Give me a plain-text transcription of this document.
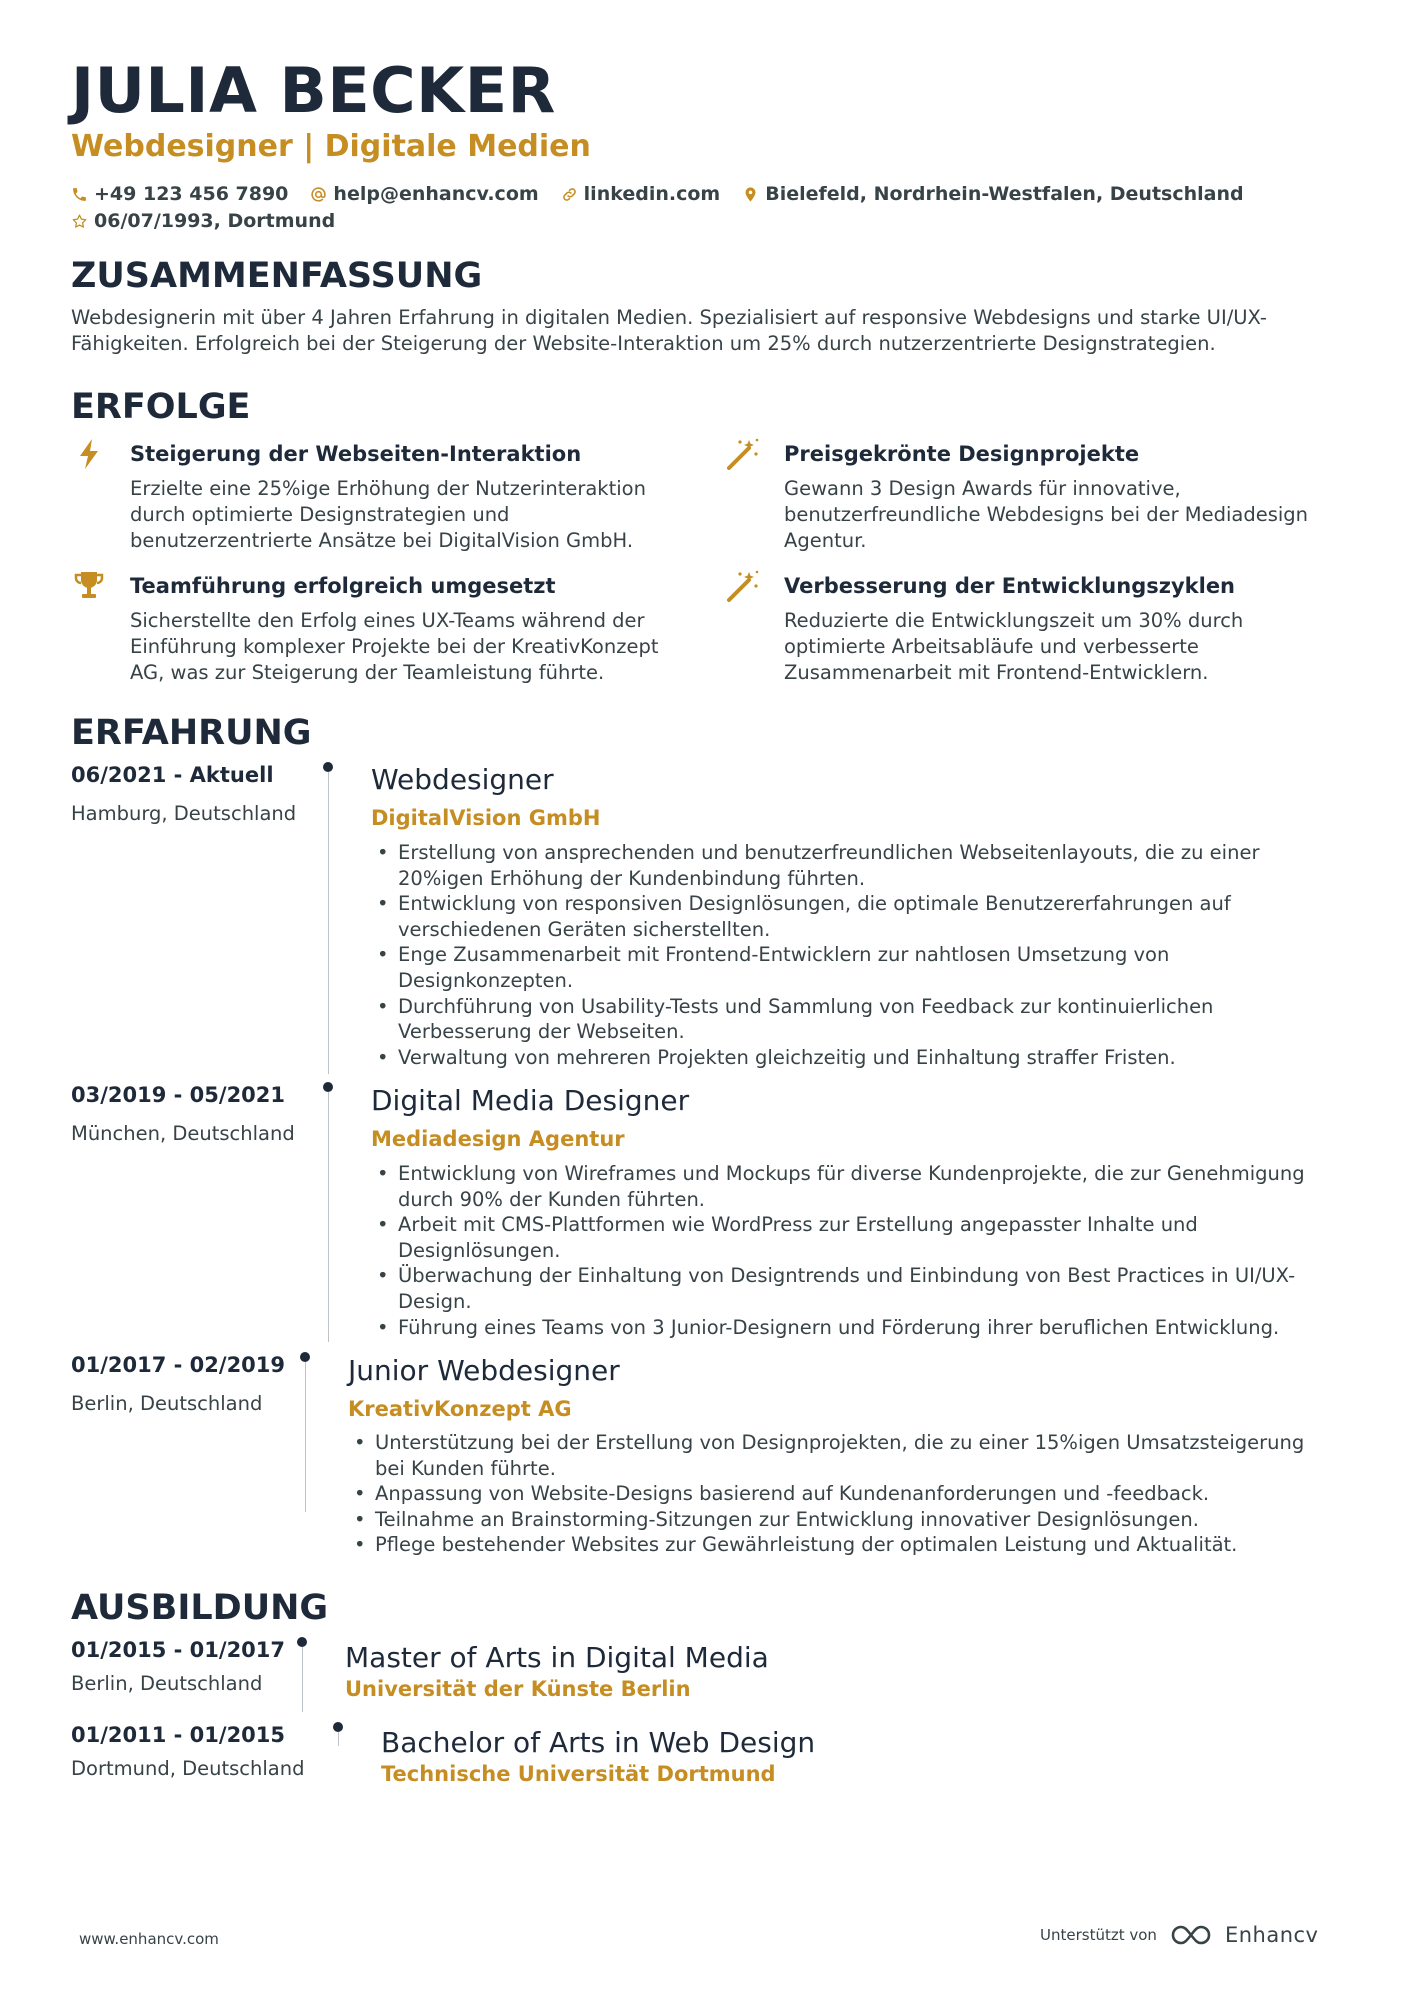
JULIA BECKER
Webdesigner | Digitale Medien
+49 123 456 7890 help@enhancv.com linkedin.com Bielefeld, Nordrhein-Westfalen, Deutschland
06/07/1993, Dortmund
ZUSAMMENFASSUNG
Webdesignerin mit über 4 Jahren Erfahrung in digitalen Medien. Spezialisiert auf responsive Webdesigns und starke UI/UX-Fähigkeiten. Erfolgreich bei der Steigerung der Website-Interaktion um 25% durch nutzerzentrierte Designstrategien.
ERFOLGE
Steigerung der Webseiten-Interaktion
Erzielte eine 25%ige Erhöhung der Nutzerinteraktion durch optimierte Designstrategien und benutzerzentrierte Ansätze bei DigitalVision GmbH.
Preisgekrönte Designprojekte
Gewann 3 Design Awards für innovative, benutzerfreundliche Webdesigns bei der Mediadesign Agentur.
Teamführung erfolgreich umgesetzt
Sicherstellte den Erfolg eines UX-Teams während der Einführung komplexer Projekte bei der KreativKonzept AG, was zur Steigerung der Teamleistung führte.
Verbesserung der Entwicklungszyklen
Reduzierte die Entwicklungszeit um 30% durch optimierte Arbeitsabläufe und verbesserte Zusammenarbeit mit Frontend-Entwicklern.
ERFAHRUNG
06/2021 - Aktuell
Hamburg, Deutschland
Webdesigner
DigitalVision GmbH
• Erstellung von ansprechenden und benutzerfreundlichen Webseitenlayouts, die zu einer 20%igen Erhöhung der Kundenbindung führten.
• Entwicklung von responsiven Designlösungen, die optimale Benutzererfahrungen auf verschiedenen Geräten sicherstellten.
• Enge Zusammenarbeit mit Frontend-Entwicklern zur nahtlosen Umsetzung von Designkonzepten.
• Durchführung von Usability-Tests und Sammlung von Feedback zur kontinuierlichen Verbesserung der Webseiten.
• Verwaltung von mehreren Projekten gleichzeitig und Einhaltung straffer Fristen.
03/2019 - 05/2021
München, Deutschland
Digital Media Designer
Mediadesign Agentur
• Entwicklung von Wireframes und Mockups für diverse Kundenprojekte, die zur Genehmigung durch 90% der Kunden führten.
• Arbeit mit CMS-Plattformen wie WordPress zur Erstellung angepasster Inhalte und Designlösungen.
• Überwachung der Einhaltung von Designtrends und Einbindung von Best Practices in UI/UX-Design.
• Führung eines Teams von 3 Junior-Designern und Förderung ihrer beruflichen Entwicklung.
01/2017 - 02/2019
Berlin, Deutschland
Junior Webdesigner
KreativKonzept AG
• Unterstützung bei der Erstellung von Designprojekten, die zu einer 15%igen Umsatzsteigerung bei Kunden führte.
• Anpassung von Website-Designs basierend auf Kundenanforderungen und -feedback.
• Teilnahme an Brainstorming-Sitzungen zur Entwicklung innovativer Designlösungen.
• Pflege bestehender Websites zur Gewährleistung der optimalen Leistung und Aktualität.
AUSBILDUNG
01/2015 - 01/2017
Berlin, Deutschland
Master of Arts in Digital Media
Universität der Künste Berlin
01/2011 - 01/2015
Dortmund, Deutschland
Bachelor of Arts in Web Design
Technische Universität Dortmund
www.enhancv.com	Unterstützt von	Enhancv
